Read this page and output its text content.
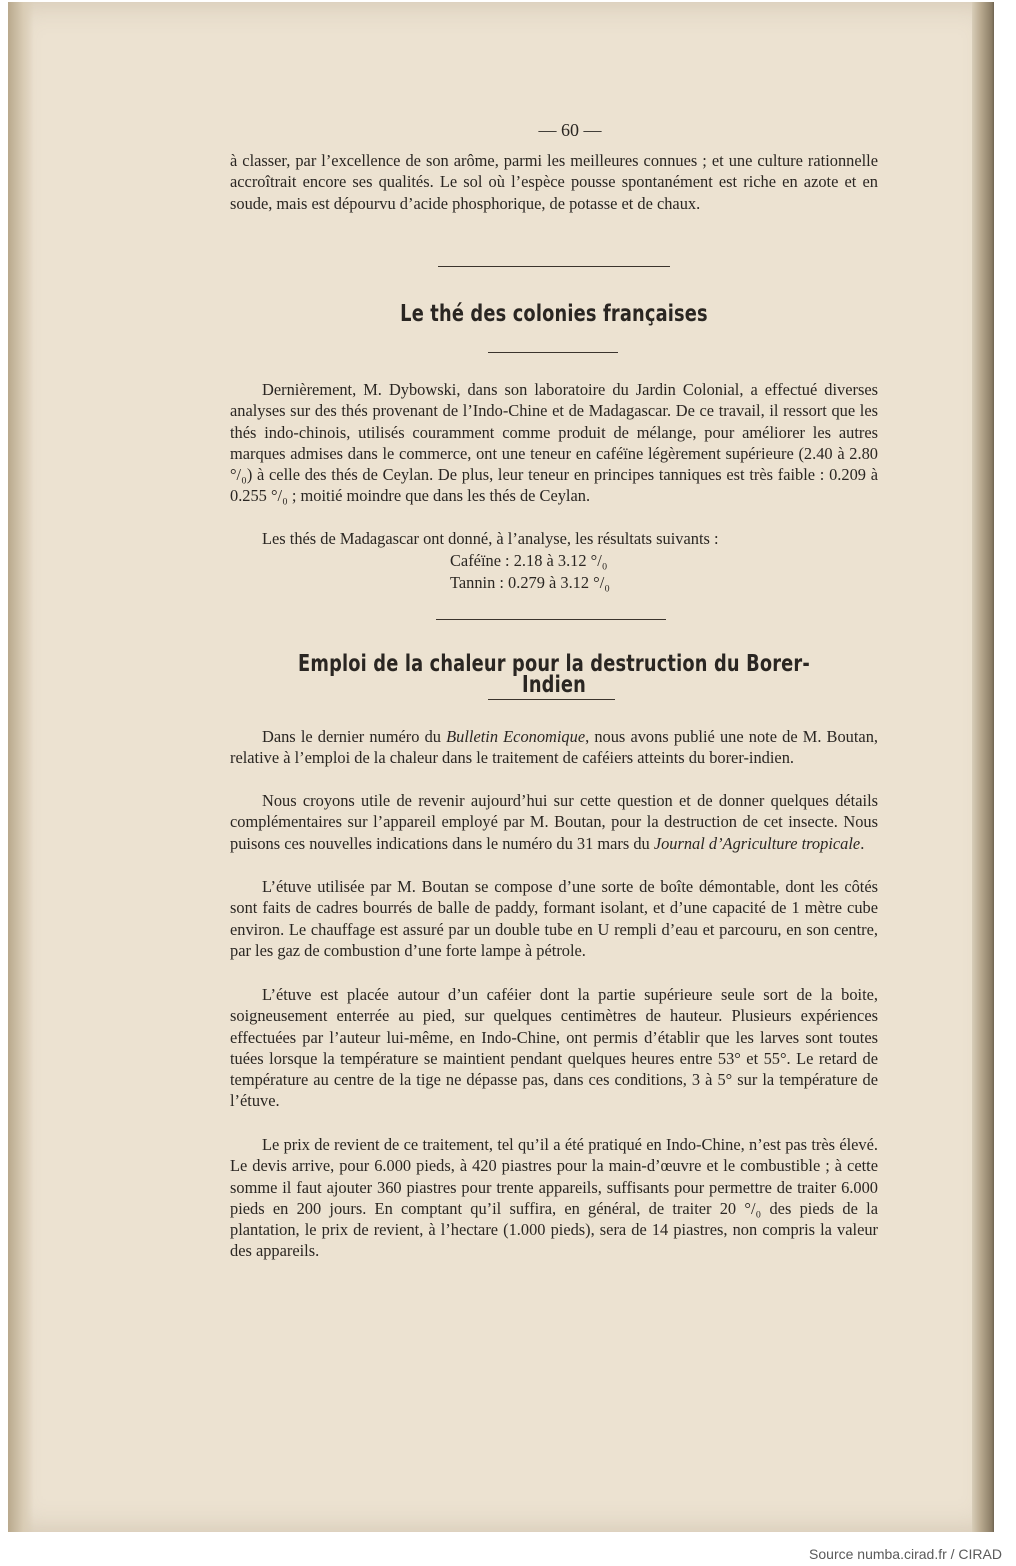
— 60 —

à classer, par l’excellence de son arôme, parmi les meilleures connues ; et une culture rationnelle accroîtrait encore ses qualités. Le sol où l’espèce pousse spontanément est riche en azote et en soude, mais est dépourvu d’acide phosphorique, de potasse et de chaux.

Le thé des colonies françaises

Dernièrement, M. Dybowski, dans son laboratoire du Jardin Colonial, a effectué diverses analyses sur des thés provenant de l’Indo-Chine et de Madagascar. De ce travail, il ressort que les thés indo-chinois, utilisés couramment comme produit de mélange, pour améliorer les autres marques admises dans le commerce, ont une teneur en caféïne légèrement supérieure (2.40 à 2.80 °/₀) à celle des thés de Ceylan. De plus, leur teneur en principes tanniques est très faible : 0.209 à 0.255 °/₀ ; moitié moindre que dans les thés de Ceylan.

Les thés de Madagascar ont donné, à l’analyse, les résultats suivants :

Caféïne : 2.18 à 3.12 °/₀
Tannin : 0.279 à 3.12 °/₀
Emploi de la chaleur pour la destruction du Borer-Indien

Dans le dernier numéro du Bulletin Economique, nous avons publié une note de M. Boutan, relative à l’emploi de la chaleur dans le traitement de caféiers atteints du borer-indien.

Nous croyons utile de revenir aujourd’hui sur cette question et de donner quelques détails complémentaires sur l’appareil employé par M. Boutan, pour la destruction de cet insecte. Nous puisons ces nouvelles indications dans le numéro du 31 mars du Journal d’Agriculture tropicale.

L’étuve utilisée par M. Boutan se compose d’une sorte de boîte démontable, dont les côtés sont faits de cadres bourrés de balle de paddy, formant isolant, et d’une capacité de 1 mètre cube environ. Le chauffage est assuré par un double tube en U rempli d’eau et parcouru, en son centre, par les gaz de combustion d’une forte lampe à pétrole.

L’étuve est placée autour d’un caféier dont la partie supérieure seule sort de la boite, soigneusement enterrée au pied, sur quelques centimètres de hauteur. Plusieurs expériences effectuées par l’auteur lui-même, en Indo-Chine, ont permis d’établir que les larves sont toutes tuées lorsque la température se maintient pendant quelques heures entre 53° et 55°. Le retard de température au centre de la tige ne dépasse pas, dans ces conditions, 3 à 5° sur la température de l’étuve.

Le prix de revient de ce traitement, tel qu’il a été pratiqué en Indo-Chine, n’est pas très élevé. Le devis arrive, pour 6.000 pieds, à 420 piastres pour la main-d’œuvre et le combustible ; à cette somme il faut ajouter 360 piastres pour trente appareils, suffisants pour permettre de traiter 6.000 pieds en 200 jours. En comptant qu’il suffira, en général, de traiter 20 °/₀ des pieds de la plantation, le prix de revient, à l’hectare (1.000 pieds), sera de 14 piastres, non compris la valeur des appareils.

Source numba.cirad.fr / CIRAD
